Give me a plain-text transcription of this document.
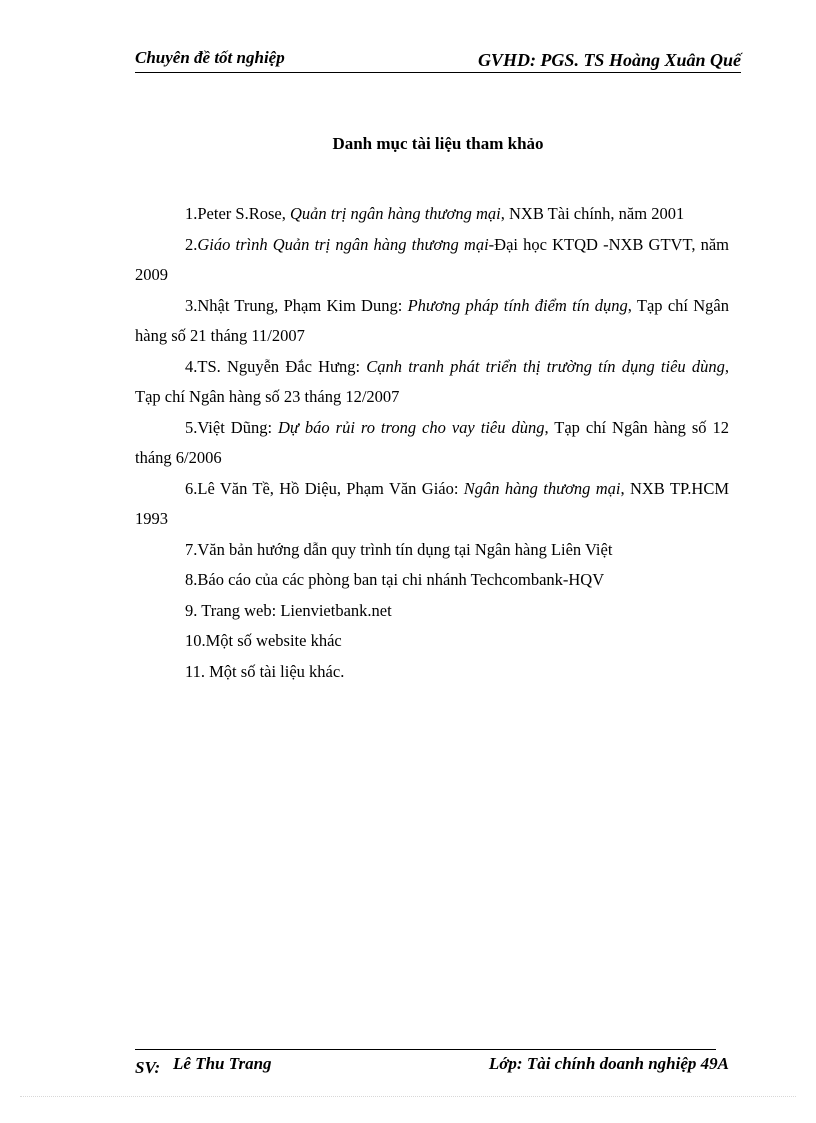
Chuyên đề tốt nghiệp	GVHD: PGS. TS Hoàng Xuân Quế
Danh mục tài liệu tham khảo
1.Peter S.Rose, Quản trị ngân hàng thương mại, NXB Tài chính, năm 2001
2.Giáo trình Quản trị ngân hàng thương mại-Đại học KTQD -NXB GTVT, năm 2009
3.Nhật Trung, Phạm Kim Dung: Phương pháp tính điểm tín dụng, Tạp chí Ngân hàng số 21 tháng 11/2007
4.TS. Nguyễn Đắc Hưng: Cạnh tranh phát triển thị trường tín dụng tiêu dùng, Tạp chí Ngân hàng số 23 tháng 12/2007
5.Việt Dũng: Dự báo rủi ro trong cho vay tiêu dùng, Tạp chí Ngân hàng số 12 tháng 6/2006
6.Lê Văn Tề, Hồ Diệu, Phạm Văn Giáo: Ngân hàng thương mại, NXB TP.HCM 1993
7.Văn bản hướng dẫn quy trình tín dụng tại Ngân hàng Liên Việt
8.Báo cáo của các phòng ban tại chi nhánh Techcombank-HQV
9. Trang web: Lienvietbank.net
10.Một số website khác
11. Một số tài liệu khác.
SV: Lê Thu Trang	Lớp: Tài chính doanh nghiệp 49A
